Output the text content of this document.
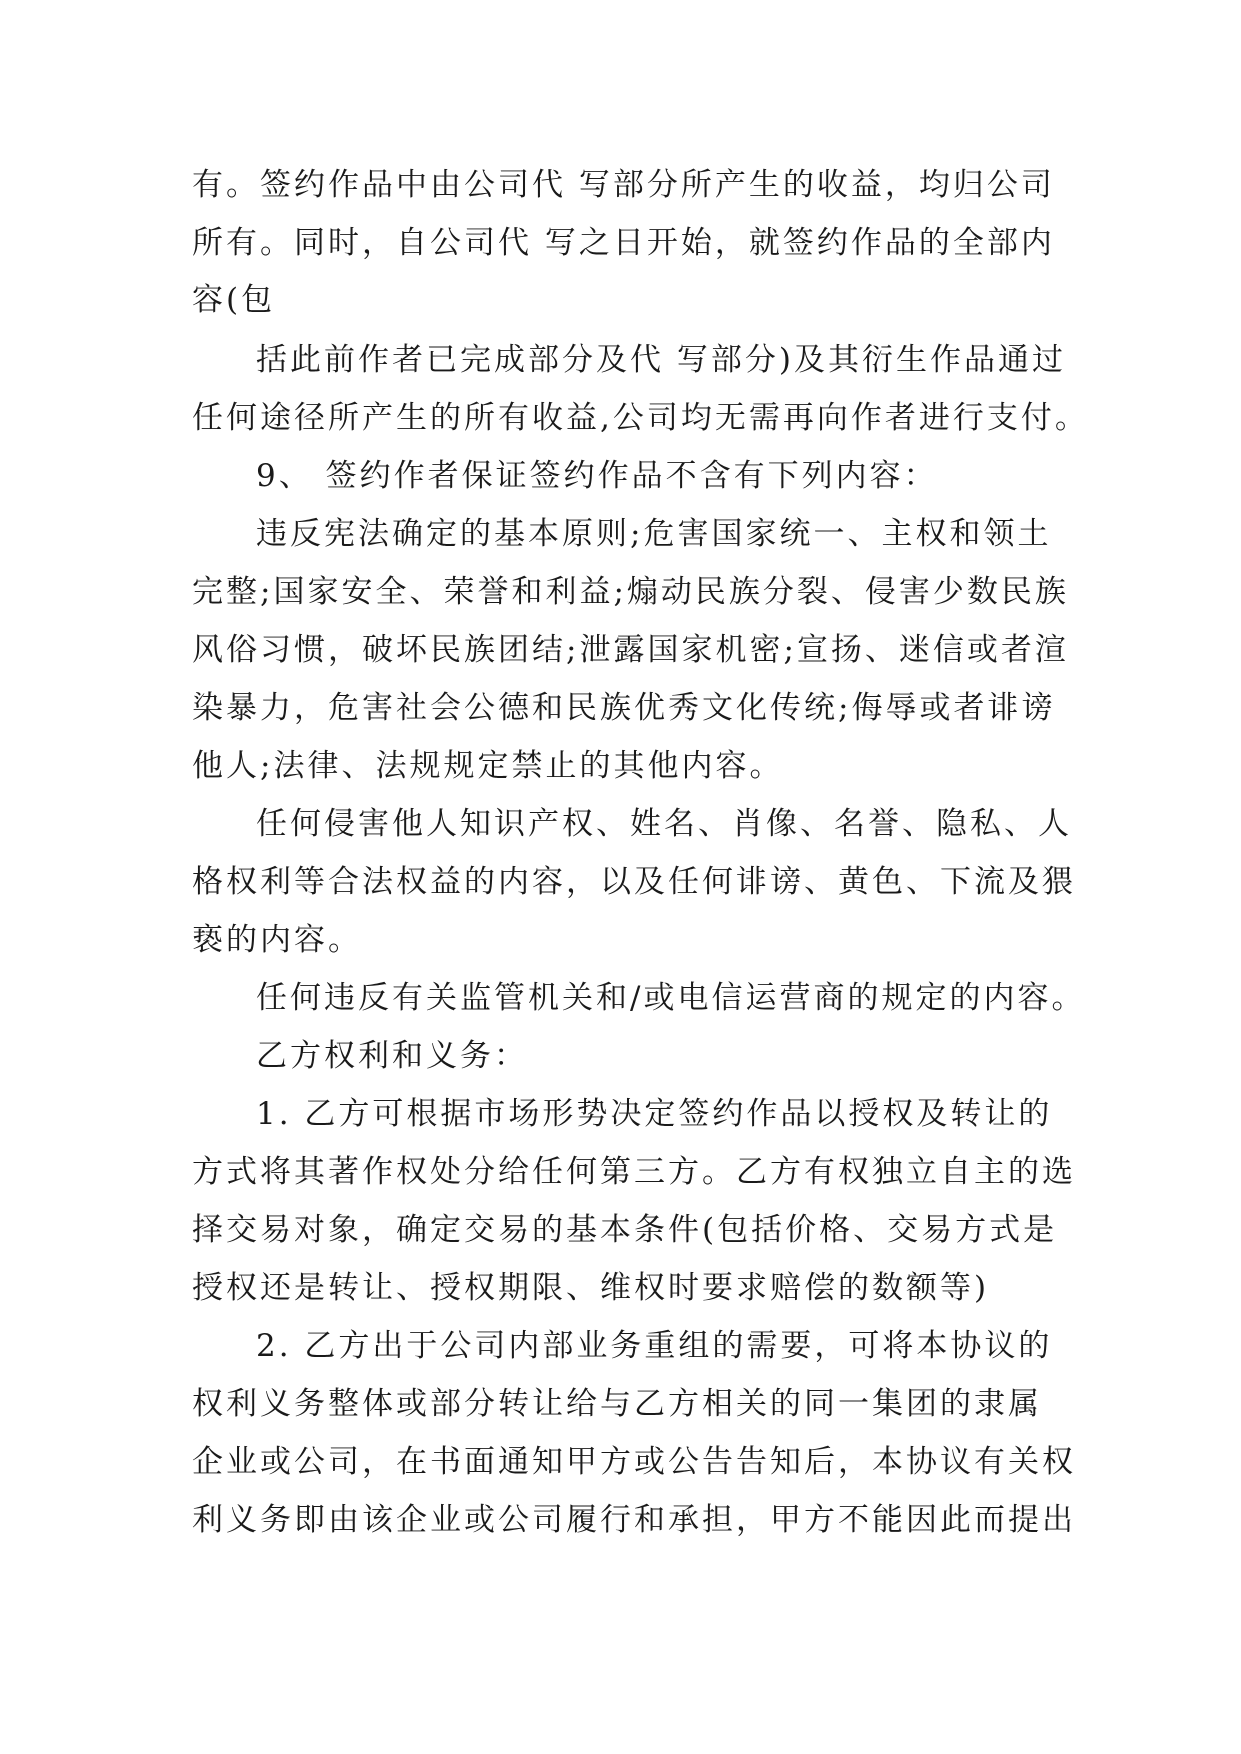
有。签约作品中由公司代 写部分所产生的收益，均归公司
所有。同时，自公司代 写之日开始，就签约作品的全部内
容(包
括此前作者已完成部分及代 写部分)及其衍生作品通过
任何途径所产生的所有收益,公司均无需再向作者进行支付。
9、 签约作者保证签约作品不含有下列内容：
违反宪法确定的基本原则;危害国家统一、主权和领土
完整;国家安全、荣誉和利益;煽动民族分裂、侵害少数民族
风俗习惯，破坏民族团结;泄露国家机密;宣扬、迷信或者渲
染暴力，危害社会公德和民族优秀文化传统;侮辱或者诽谤
他人;法律、法规规定禁止的其他内容。
任何侵害他人知识产权、姓名、肖像、名誉、隐私、人
格权利等合法权益的内容，以及任何诽谤、黄色、下流及猥
亵的内容。
任何违反有关监管机关和/或电信运营商的规定的内容。
乙方权利和义务：
1. 乙方可根据市场形势决定签约作品以授权及转让的
方式将其著作权处分给任何第三方。乙方有权独立自主的选
择交易对象，确定交易的基本条件(包括价格、交易方式是
授权还是转让、授权期限、维权时要求赔偿的数额等)
2. 乙方出于公司内部业务重组的需要，可将本协议的
权利义务整体或部分转让给与乙方相关的同一集团的隶属
企业或公司，在书面通知甲方或公告告知后，本协议有关权
利义务即由该企业或公司履行和承担，甲方不能因此而提出
